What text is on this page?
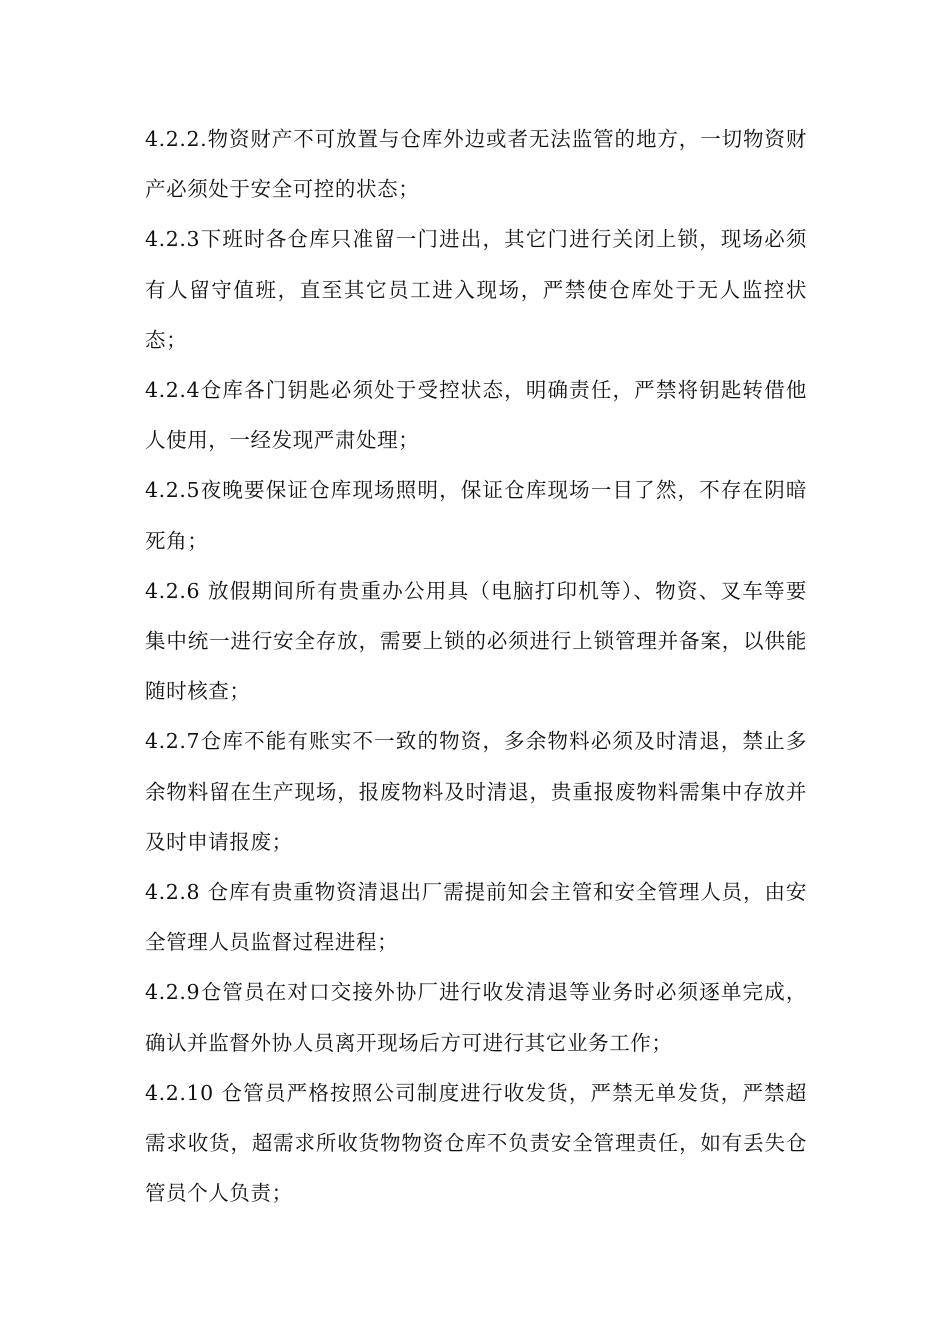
4.2.2.物资财产不可放置与仓库外边或者无法监管的地方，一切物资财产必须处于安全可控的状态；

4.2.3下班时各仓库只准留一门进出，其它门进行关闭上锁，现场必须有人留守值班，直至其它员工进入现场，严禁使仓库处于无人监控状态；

4.2.4仓库各门钥匙必须处于受控状态，明确责任，严禁将钥匙转借他人使用，一经发现严肃处理；

4.2.5夜晚要保证仓库现场照明，保证仓库现场一目了然，不存在阴暗死角；

4.2.6 放假期间所有贵重办公用具（电脑打印机等）、物资、叉车等要集中统一进行安全存放，需要上锁的必须进行上锁管理并备案，以供能随时核查；

4.2.7仓库不能有账实不一致的物资，多余物料必须及时清退，禁止多余物料留在生产现场，报废物料及时清退，贵重报废物料需集中存放并及时申请报废；

4.2.8 仓库有贵重物资清退出厂需提前知会主管和安全管理人员，由安全管理人员监督过程进程；

4.2.9仓管员在对口交接外协厂进行收发清退等业务时必须逐单完成，确认并监督外协人员离开现场后方可进行其它业务工作；

4.2.10 仓管员严格按照公司制度进行收发货，严禁无单发货，严禁超需求收货，超需求所收货物物资仓库不负责安全管理责任，如有丢失仓管员个人负责；
